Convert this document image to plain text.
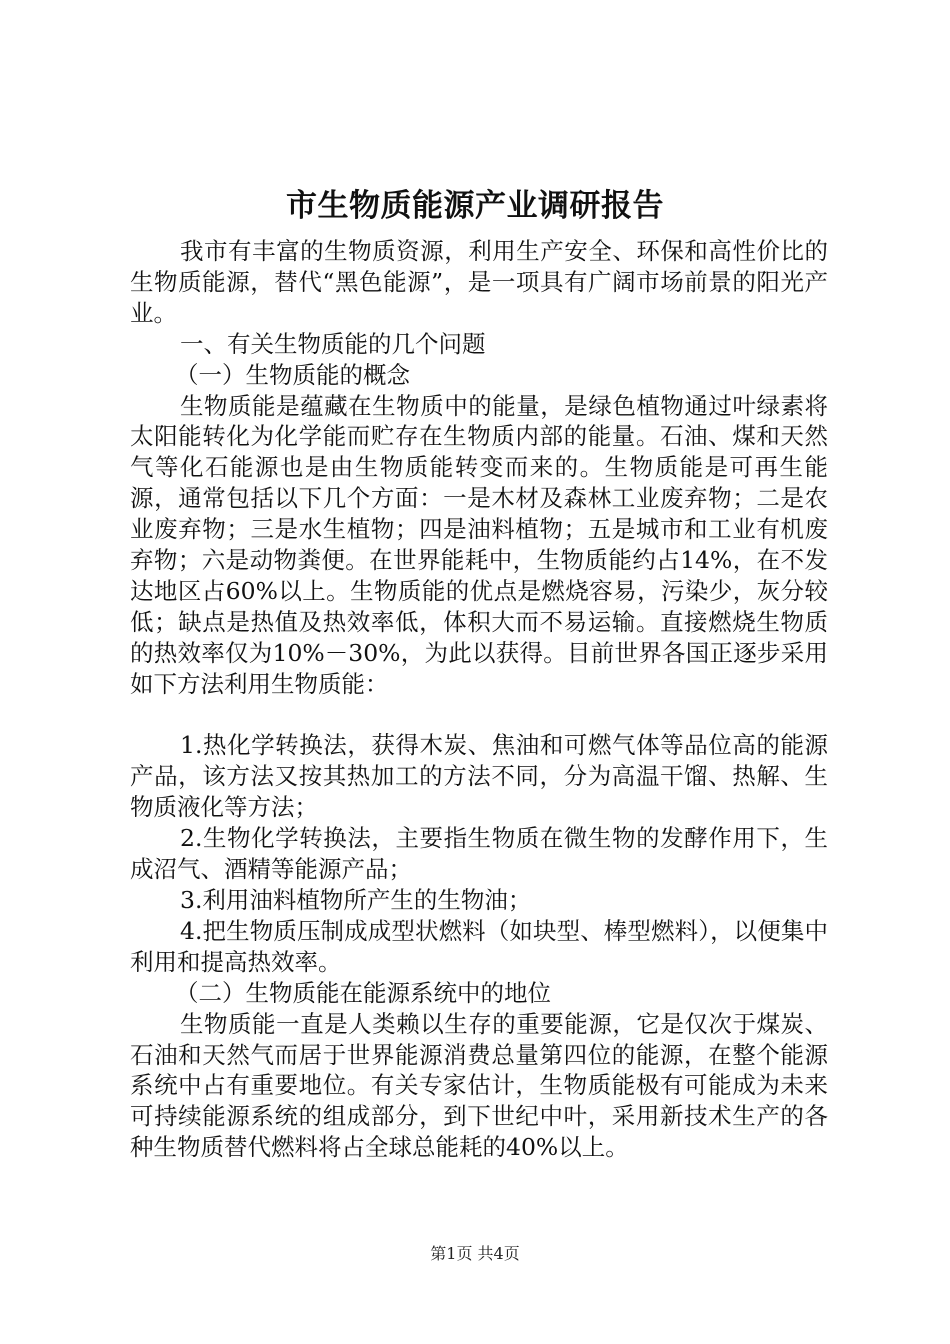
市生物质能源产业调研报告

我市有丰富的生物质资源，利用生产安全、环保和高性价比的生物质能源，替代“黑色能源”，是一项具有广阔市场前景的阳光产业。

一、有关生物质能的几个问题

（一）生物质能的概念

生物质能是蕴藏在生物质中的能量，是绿色植物通过叶绿素将太阳能转化为化学能而贮存在生物质内部的能量。石油、煤和天然气等化石能源也是由生物质能转变而来的。生物质能是可再生能源，通常包括以下几个方面：一是木材及森林工业废弃物；二是农业废弃物；三是水生植物；四是油料植物；五是城市和工业有机废弃物；六是动物粪便。在世界能耗中，生物质能约占14%，在不发达地区占60%以上。生物质能的优点是燃烧容易，污染少，灰分较低；缺点是热值及热效率低，体积大而不易运输。直接燃烧生物质的热效率仅为10%－30%，为此以获得。目前世界各国正逐步采用如下方法利用生物质能：

1.热化学转换法，获得木炭、焦油和可燃气体等品位高的能源产品，该方法又按其热加工的方法不同，分为高温干馏、热解、生物质液化等方法；

2.生物化学转换法，主要指生物质在微生物的发酵作用下，生成沼气、酒精等能源产品；

3.利用油料植物所产生的生物油；

4.把生物质压制成成型状燃料（如块型、棒型燃料），以便集中利用和提高热效率。

（二）生物质能在能源系统中的地位

生物质能一直是人类赖以生存的重要能源，它是仅次于煤炭、石油和天然气而居于世界能源消费总量第四位的能源，在整个能源系统中占有重要地位。有关专家估计，生物质能极有可能成为未来可持续能源系统的组成部分，到下世纪中叶，采用新技术生产的各种生物质替代燃料将占全球总能耗的40%以上。

第1页 共4页
